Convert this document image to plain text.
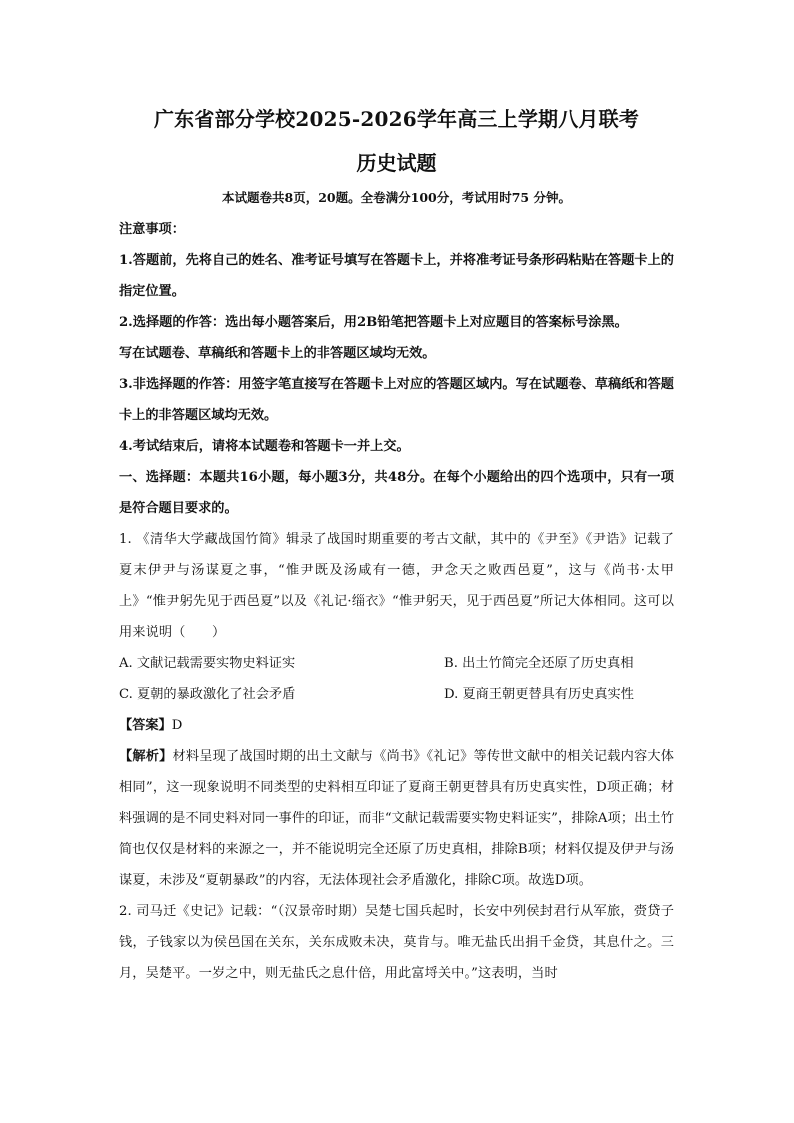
广东省部分学校2025-2026学年高三上学期八月联考
历史试题

本试题卷共8页，20题。全卷满分100分，考试用时75 分钟。

注意事项：

1.答题前，先将自己的姓名、准考证号填写在答题卡上，并将准考证号条形码粘贴在答题卡上的指定位置。

2.选择题的作答：选出每小题答案后，用2B铅笔把答题卡上对应题目的答案标号涂黑。

写在试题卷、草稿纸和答题卡上的非答题区域均无效。

3.非选择题的作答：用签字笔直接写在答题卡上对应的答题区域内。写在试题卷、草稿纸和答题卡上的非答题区域均无效。

4.考试结束后，请将本试题卷和答题卡一并上交。

一、选择题：本题共16小题，每小题3分，共48分。在每个小题给出的四个选项中，只有一项是符合题目要求的。

1. 《清华大学藏战国竹简》辑录了战国时期重要的考古文献，其中的《尹至》《尹诰》记载了夏末伊尹与汤谋夏之事，“惟尹既及汤咸有一德，尹念天之败西邑夏”，这与《尚书·太甲上》“惟尹躬先见于西邑夏”以及《礼记·缁衣》“惟尹躬天，见于西邑夏”所记大体相同。这可以用来说明（　　）

A. 文献记载需要实物史料证实	B. 出土竹简完全还原了历史真相
C. 夏朝的暴政激化了社会矛盾	D. 夏商王朝更替具有历史真实性

【答案】D

【解析】材料呈现了战国时期的出土文献与《尚书》《礼记》等传世文献中的相关记载内容大体相同”，这一现象说明不同类型的史料相互印证了夏商王朝更替具有历史真实性，D项正确；材料强调的是不同史料对同一事件的印证，而非“文献记载需要实物史料证实”，排除A项；出土竹简也仅仅是材料的来源之一，并不能说明完全还原了历史真相，排除B项；材料仅提及伊尹与汤谋夏，未涉及“夏朝暴政”的内容，无法体现社会矛盾激化，排除C项。故选D项。

2. 司马迁《史记》记载：“（汉景帝时期）吴楚七国兵起时，长安中列侯封君行从军旅，赍贷子钱，子钱家以为侯邑国在关东，关东成败未决，莫肯与。唯无盐氏出捐千金贷，其息什之。三月，吴楚平。一岁之中，则无盐氏之息什倍，用此富埒关中。”这表明，当时
